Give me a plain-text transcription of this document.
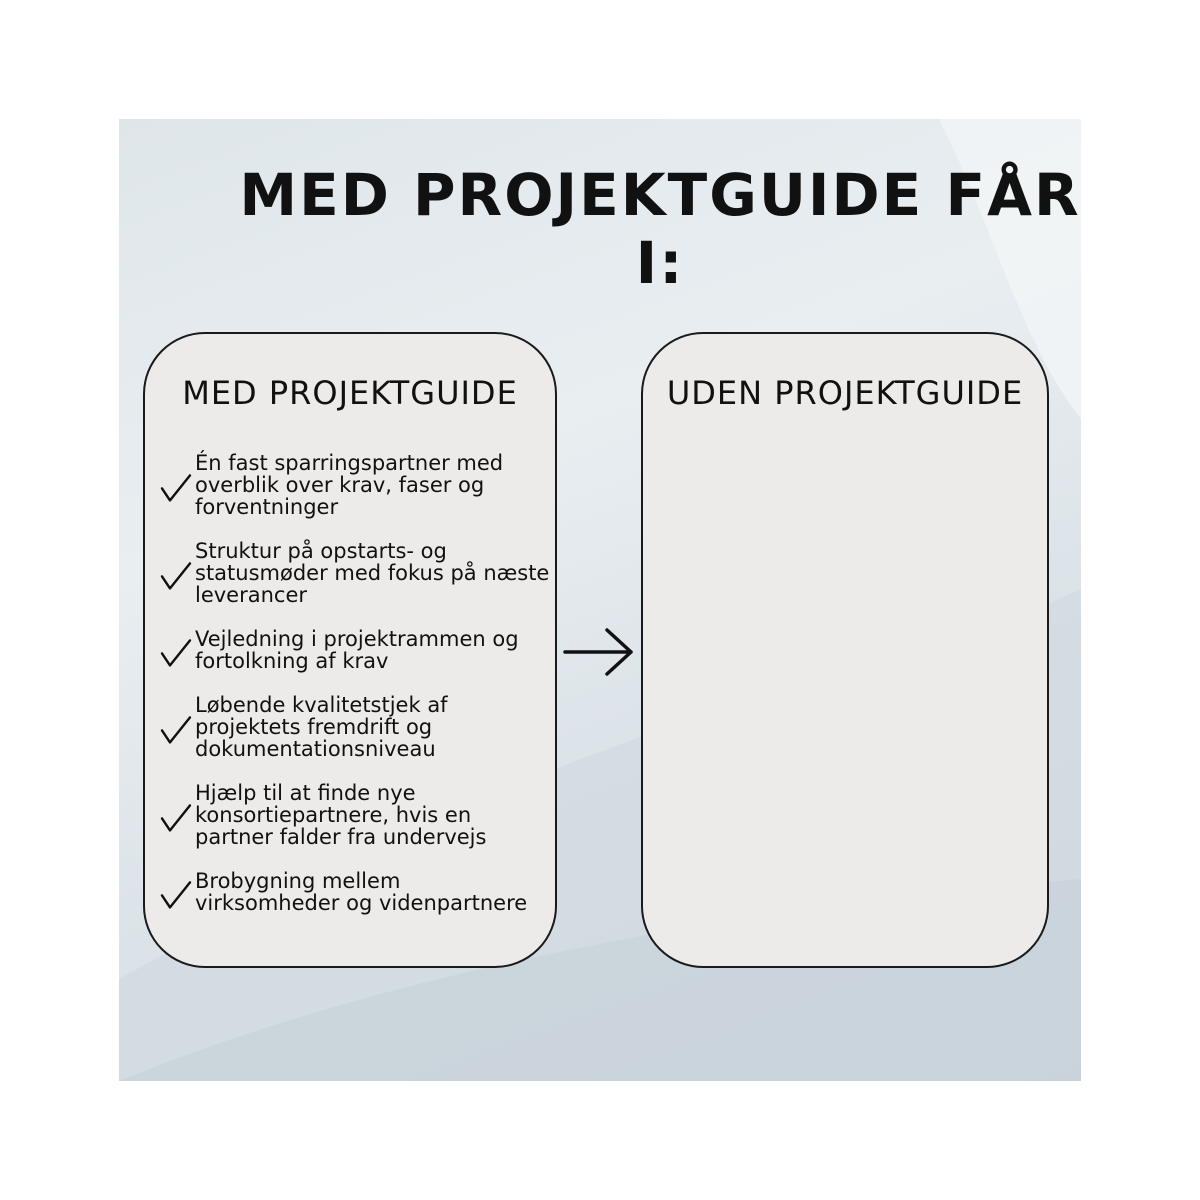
MED PROJEKTGUIDE FÅR I:
MED PROJEKTGUIDE
Én fast sparringspartner med overblik over krav, faser og forventninger
Struktur på opstarts- og statusmøder med fokus på næste leverancer
Vejledning i projektrammen og fortolkning af krav
Løbende kvalitetstjek af projektets fremdrift og dokumentationsniveau
Hjælp til at finde nye konsortiepartnere, hvis en partner falder fra undervejs
Brobygning mellem virksomheder og videnpartnere
UDEN PROJEKTGUIDE
